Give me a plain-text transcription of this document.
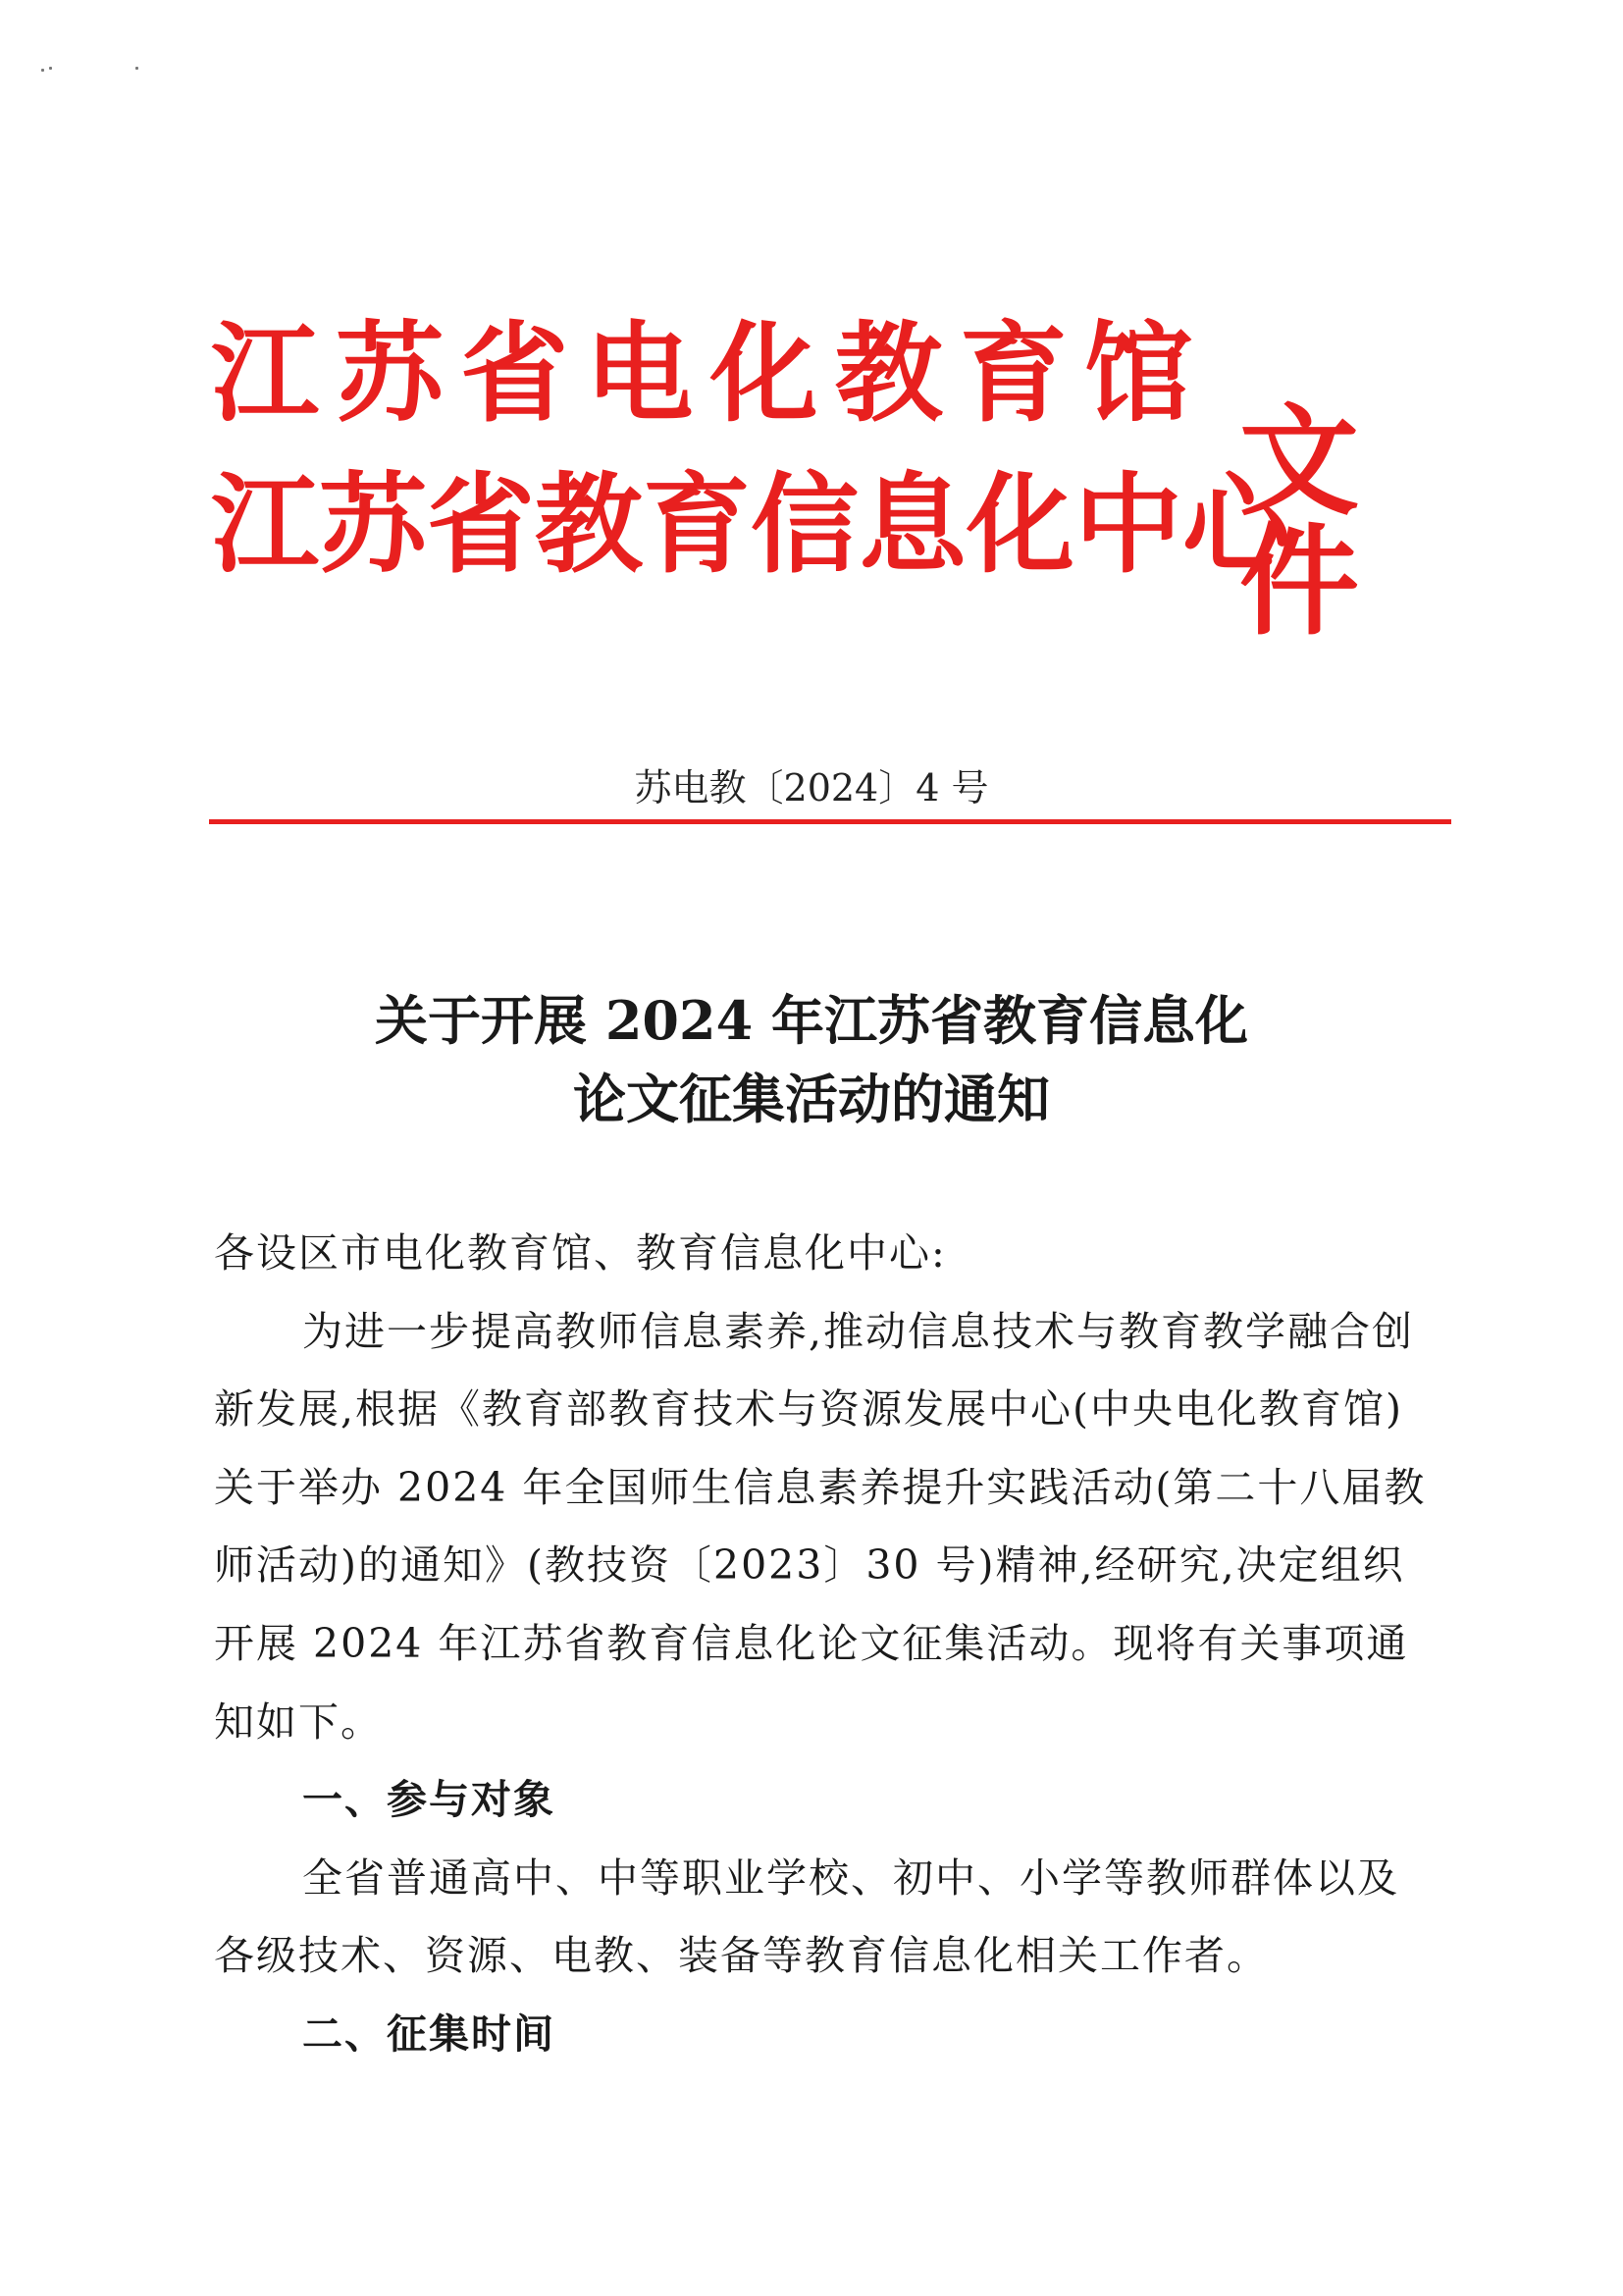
江 苏 省 电 化 教 育 馆
江 苏 省 教 育 信 息 化 中 心
文件
苏电教〔2024〕4 号
关于开展 2024 年江苏省教育信息化
论文征集活动的通知

各设区市电化教育馆、教育信息化中心:

为进一步提高教师信息素养,推动信息技术与教育教学融合创新发展,根据《教育部教育技术与资源发展中心(中央电化教育馆)关于举办 2024 年全国师生信息素养提升实践活动(第二十八届教师活动)的通知》(教技资〔2023〕30 号)精神,经研究,决定组织开展 2024 年江苏省教育信息化论文征集活动。现将有关事项通知如下。

一、参与对象

全省普通高中、中等职业学校、初中、小学等教师群体以及各级技术、资源、电教、装备等教育信息化相关工作者。

二、征集时间
